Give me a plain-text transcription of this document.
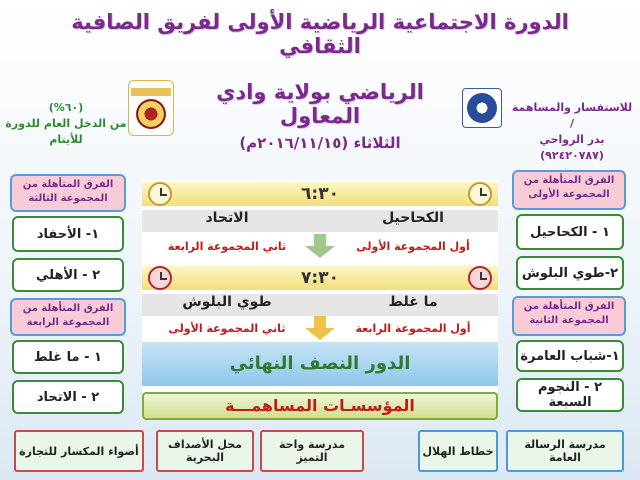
الدورة الاجتماعية الرياضية الأولى لفريق الصافية الثقافي
الرياضي بولاية وادي المعاول
الثلاثاء (٢٠١٦/١١/١٥م)
للاستفسار والمساهمة /
بدر الرواحي
(٩٢٤٢٠٧٨٧)
(٦٠%)
من الدخل العام للدورة
للأيتام
الفرق المتأهلة من المجموعة الأولى
١ - الكحاحيل
٢-طوي البلوش
الفرق المتأهلة من المجموعة الثانية
١-شباب العامرة
٢ - النجوم السبعة
الفرق المتأهلة من المجموعة الثالثة
١- الأحفاد
٢ - الأهلي
الفرق المتأهلة من المجموعة الرابعة
١ - ما غلط
٢ - الاتحاد
٦:٣٠
الكحاحيل
الاتحاد
أول المجموعة الأولى
ثاني المجموعة الرابعة
٧:٣٠
ما غلط
طوي البلوش
أول المجموعة الرابعة
ثاني المجموعة الأولى
الدور النصف النهائي
المؤسسـات المساهمـــة
مدرسة الرسالة العامة
خطاط الهلال
مدرسة واحة التميز
محل الأصداف البحرية
أضواء المكسار للتجارة
